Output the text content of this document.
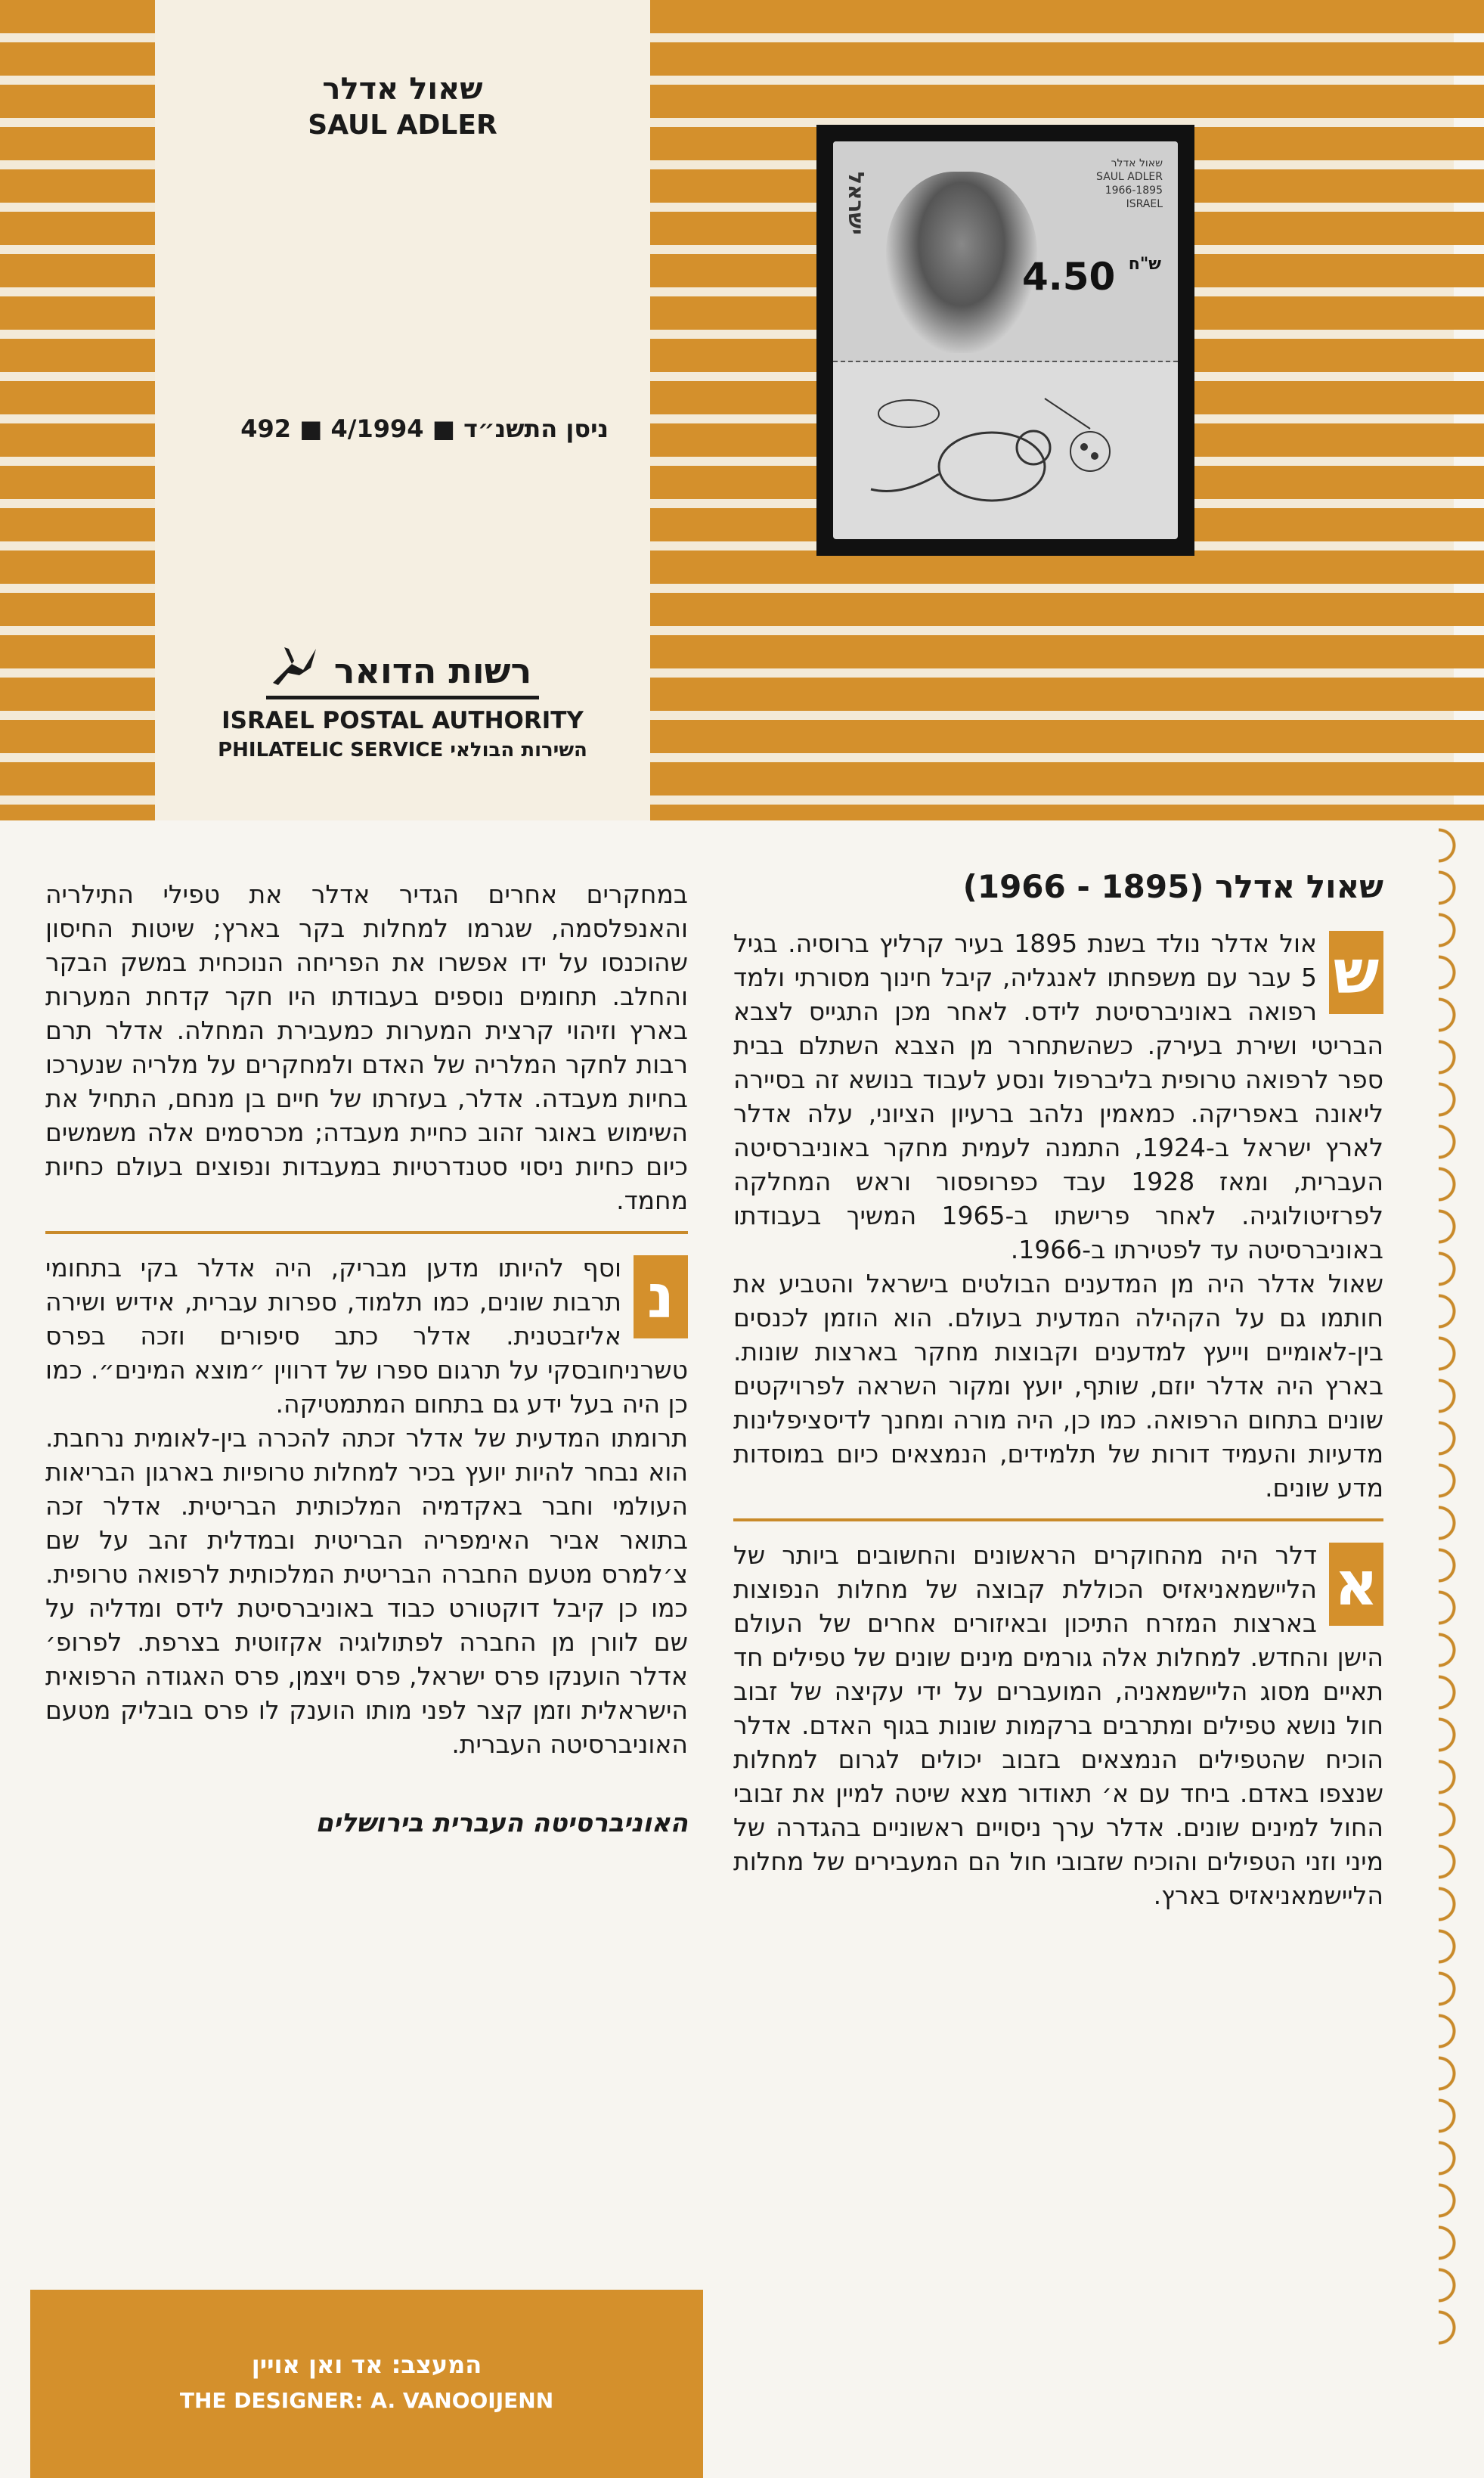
שאול אדלר
SAUL ADLER
ניסן התשנ״ד ■ 4/1994 ■ 492
רשות הדואר
ISRAEL POSTAL AUTHORITY
PHILATELIC SERVICE השירות הבולאי
ישראל
שאול אדלר
SAUL ADLER
1966-1895
ISRAEL
$^{ש"ח}$ 4.50
שאול אדלר (1895 - 1966)
ש

אול אדלר נולד בשנת 1895 בעיר קרליץ ברוסיה. בגיל 5 עבר עם משפחתו לאנגליה, קיבל חינוך מסורתי ולמד רפואה באוניברסיטת לידס. לאחר מכן התגייס לצבא הבריטי ושירת בעירק. כשהשתחרר מן הצבא השתלם בבית ספר לרפואה טרופית בליברפול ונסע לעבוד בנושא זה בסיירה ליאונה באפריקה. כמאמין נלהב ברעיון הציוני, עלה אדלר לארץ ישראל ב-1924, התמנה לעמית מחקר באוניברסיטה העברית, ומאז 1928 עבד כפרופסור וראש המחלקה לפרזיטולוגיה. לאחר פרישתו ב-1965 המשיך בעבודתו באוניברסיטה עד לפטירתו ב-1966.

שאול אדלר היה מן המדענים הבולטים בישראל והטביע את חותמו גם על הקהילה המדעית בעולם. הוא הוזמן לכנסים בין-לאומיים וייעץ למדענים וקבוצות מחקר בארצות שונות. בארץ היה אדלר יוזם, שותף, יועץ ומקור השראה לפרויקטים שונים בתחום הרפואה. כמו כן, היה מורה ומחנך לדיסציפלינות מדעיות והעמיד דורות של תלמידים, הנמצאים כיום במוסדות מדע שונים.

א

דלר היה מהחוקרים הראשונים והחשובים ביותר של הליישמאניאזיס הכוללת קבוצה של מחלות הנפוצות בארצות המזרח התיכון ובאיזורים אחרים של העולם הישן והחדש. למחלות אלה גורמים מינים שונים של טפילים חד תאיים מסוג הליישמאניה, המועברים על ידי עקיצה של זבוב חול נושא טפילים ומתרבים ברקמות שונות בגוף האדם. אדלר הוכיח שהטפילים הנמצאים בזבוב יכולים לגרום למחלות שנצפו באדם. ביחד עם א׳ תאודור מצא שיטה למיין את זבובי החול למינים שונים. אדלר ערך ניסויים ראשוניים בהגדרה של מיני וזני הטפילים והוכיח שזבובי חול הם המעבירים של מחלות הליישמאניאזיס בארץ.

במחקרים אחרים הגדיר אדלר את טפילי התילריה והאנפלסמה, שגרמו למחלות בקר בארץ; שיטות החיסון שהוכנסו על ידו אפשרו את הפריחה הנוכחית במשק הבקר והחלב. תחומים נוספים בעבודתו היו חקר קדחת המערות בארץ וזיהוי קרצית המערות כמעבירת המחלה. אדלר תרם רבות לחקר המלריה של האדם ולמחקרים על מלריה שנערכו בחיות מעבדה. אדלר, בעזרתו של חיים בן מנחם, התחיל את השימוש באוגר זהוב כחיית מעבדה; מכרסמים אלה משמשים כיום כחיות ניסוי סטנדרטיות במעבדות ונפוצים בעולם כחיות מחמד.

נ

וסף להיותו מדען מבריק, היה אדלר בקי בתחומי תרבות שונים, כמו תלמוד, ספרות עברית, אידיש ושירה אליזבטנית. אדלר כתב סיפורים וזכה בפרס טשרניחובסקי על תרגום ספרו של דרווין ״מוצא המינים״. כמו כן היה בעל ידע גם בתחום המתמטיקה.

תרומתו המדעית של אדלר זכתה להכרה בין-לאומית נרחבת. הוא נבחר להיות יועץ בכיר למחלות טרופיות בארגון הבריאות העולמי וחבר באקדמיה המלכותית הבריטית. אדלר זכה בתואר אביר האימפריה הבריטית ובמדלית זהב על שם צ׳למרס מטעם החברה הבריטית המלכותית לרפואה טרופית. כמו כן קיבל דוקטורט כבוד באוניברסיטת לידס ומדליה על שם לוורן מן החברה לפתולוגיה אקזוטית בצרפת. לפרופ׳ אדלר הוענקו פרס ישראל, פרס ויצמן, פרס האגודה הרפואית הישראלית וזמן קצר לפני מותו הוענק לו פרס בובליק מטעם האוניברסיטה העברית.

האוניברסיטה העברית בירושלים
המעצב: אד ואן אויין
THE DESIGNER: A. VANOOIJENN
